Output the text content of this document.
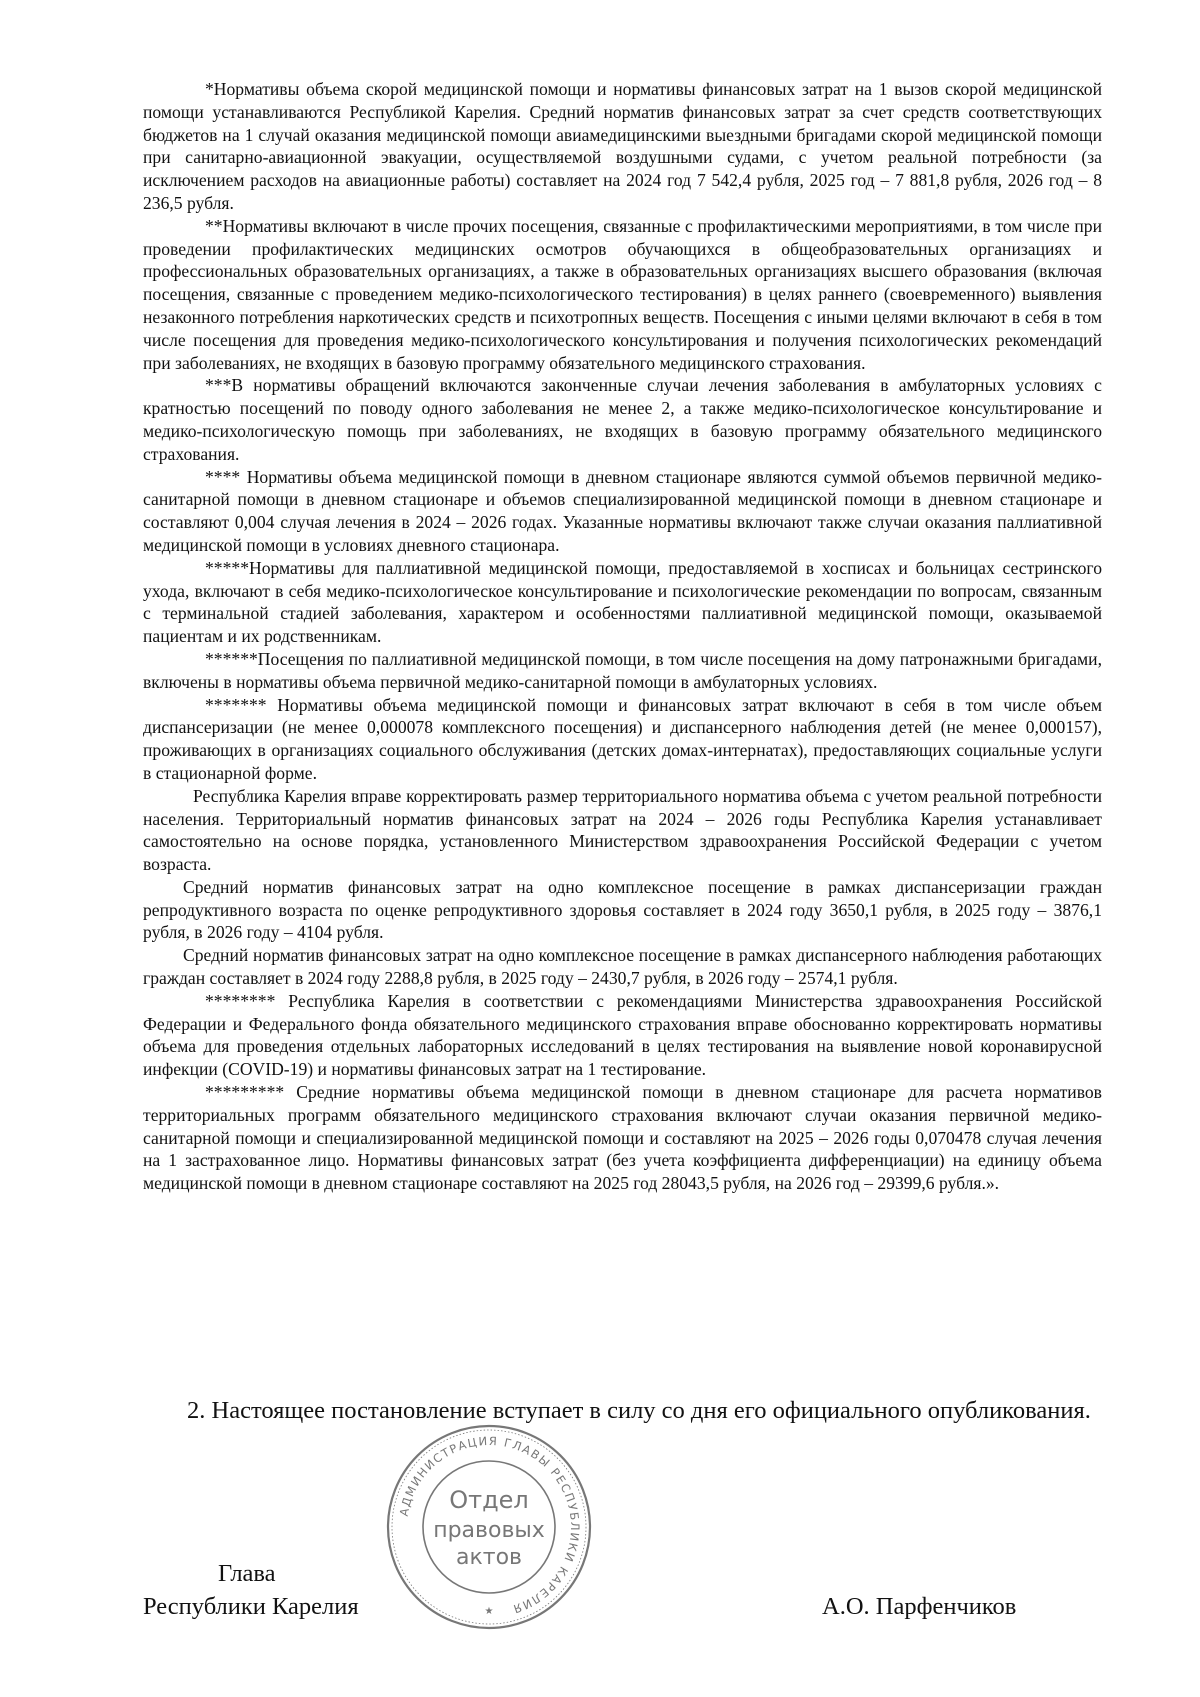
*Нормативы объема скорой медицинской помощи и нормативы финансовых затрат на 1 вызов скорой медицинской помощи устанавливаются Республикой Карелия. Средний норматив финансовых затрат за счет средств соответствующих бюджетов на 1 случай оказания медицинской помощи авиамедицинскими выездными бригадами скорой медицинской помощи при санитарно-авиационной эвакуации, осуществляемой воздушными судами, с учетом реальной потребности (за исключением расходов на авиационные работы) составляет на 2024 год 7 542,4 рубля, 2025 год – 7 881,8 рубля, 2026 год – 8 236,5 рубля.

**Нормативы включают в числе прочих посещения, связанные с профилактическими мероприятиями, в том числе при проведении профилактических медицинских осмотров обучающихся в общеобразовательных организациях и профессиональных образовательных организациях, а также в образовательных организациях высшего образования (включая посещения, связанные с проведением медико-психологического тестирования) в целях раннего (своевременного) выявления незаконного потребления наркотических средств и психотропных веществ. Посещения с иными целями включают в себя в том числе посещения для проведения медико-психологического консультирования и получения психологических рекомендаций при заболеваниях, не входящих в базовую программу обязательного медицинского страхования.

***В нормативы обращений включаются законченные случаи лечения заболевания в амбулаторных условиях с кратностью посещений по поводу одного заболевания не менее 2, а также медико-психологическое консультирование и медико-психологическую помощь при заболеваниях, не входящих в базовую программу обязательного медицинского страхования.

**** Нормативы объема медицинской помощи в дневном стационаре являются суммой объемов первичной медико-санитарной помощи в дневном стационаре и объемов специализированной медицинской помощи в дневном стационаре и составляют 0,004 случая лечения в 2024 – 2026 годах. Указанные нормативы включают также случаи оказания паллиативной медицинской помощи в условиях дневного стационара.

*****Нормативы для паллиативной медицинской помощи, предоставляемой в хосписах и больницах сестринского ухода, включают в себя медико-психологическое консультирование и психологические рекомендации по вопросам, связанным с терминальной стадией заболевания, характером и особенностями паллиативной медицинской помощи, оказываемой пациентам и их родственникам.

******Посещения по паллиативной медицинской помощи, в том числе посещения на дому патронажными бригадами, включены в нормативы объема первичной медико-санитарной помощи в амбулаторных условиях.

******* Нормативы объема медицинской помощи и финансовых затрат включают в себя в том числе объем диспансеризации (не менее 0,000078 комплексного посещения) и диспансерного наблюдения детей (не менее 0,000157), проживающих в организациях социального обслуживания (детских домах-интернатах), предоставляющих социальные услуги в стационарной форме.

Республика Карелия вправе корректировать размер территориального норматива объема с учетом реальной потребности населения. Территориальный норматив финансовых затрат на 2024 – 2026 годы Республика Карелия устанавливает самостоятельно на основе порядка, установленного Министерством здравоохранения Российской Федерации с учетом возраста.

Средний норматив финансовых затрат на одно комплексное посещение в рамках диспансеризации граждан репродуктивного возраста по оценке репродуктивного здоровья составляет в 2024 году 3650,1 рубля, в 2025 году – 3876,1 рубля, в 2026 году – 4104 рубля.

Средний норматив финансовых затрат на одно комплексное посещение в рамках диспансерного наблюдения работающих граждан составляет в 2024 году 2288,8 рубля, в 2025 году – 2430,7 рубля, в 2026 году – 2574,1 рубля.

******** Республика Карелия в соответствии с рекомендациями Министерства здравоохранения Российской Федерации и Федерального фонда обязательного медицинского страхования вправе обоснованно корректировать нормативы объема для проведения отдельных лабораторных исследований в целях тестирования на выявление новой коронавирусной инфекции (COVID-19) и нормативы финансовых затрат на 1 тестирование.

********* Средние нормативы объема медицинской помощи в дневном стационаре для расчета нормативов территориальных программ обязательного медицинского страхования включают случаи оказания первичной медико-санитарной помощи и специализированной медицинской помощи и составляют на 2025 – 2026 годы 0,070478 случая лечения на 1 застрахованное лицо. Нормативы финансовых затрат (без учета коэффициента дифференциации) на единицу объема медицинской помощи в дневном стационаре составляют на 2025 год 28043,5 рубля, на 2026 год – 29399,6 рубля.».

2. Настоящее постановление вступает в силу со дня его официального опубликования.

Глава

Республики Карелия	А.О. Парфенчиков

АДМИНИСТРАЦИЯ ГЛАВЫ РЕСПУБЛИКИ КАРЕЛИЯ
Отдел
правовых
актов
★
